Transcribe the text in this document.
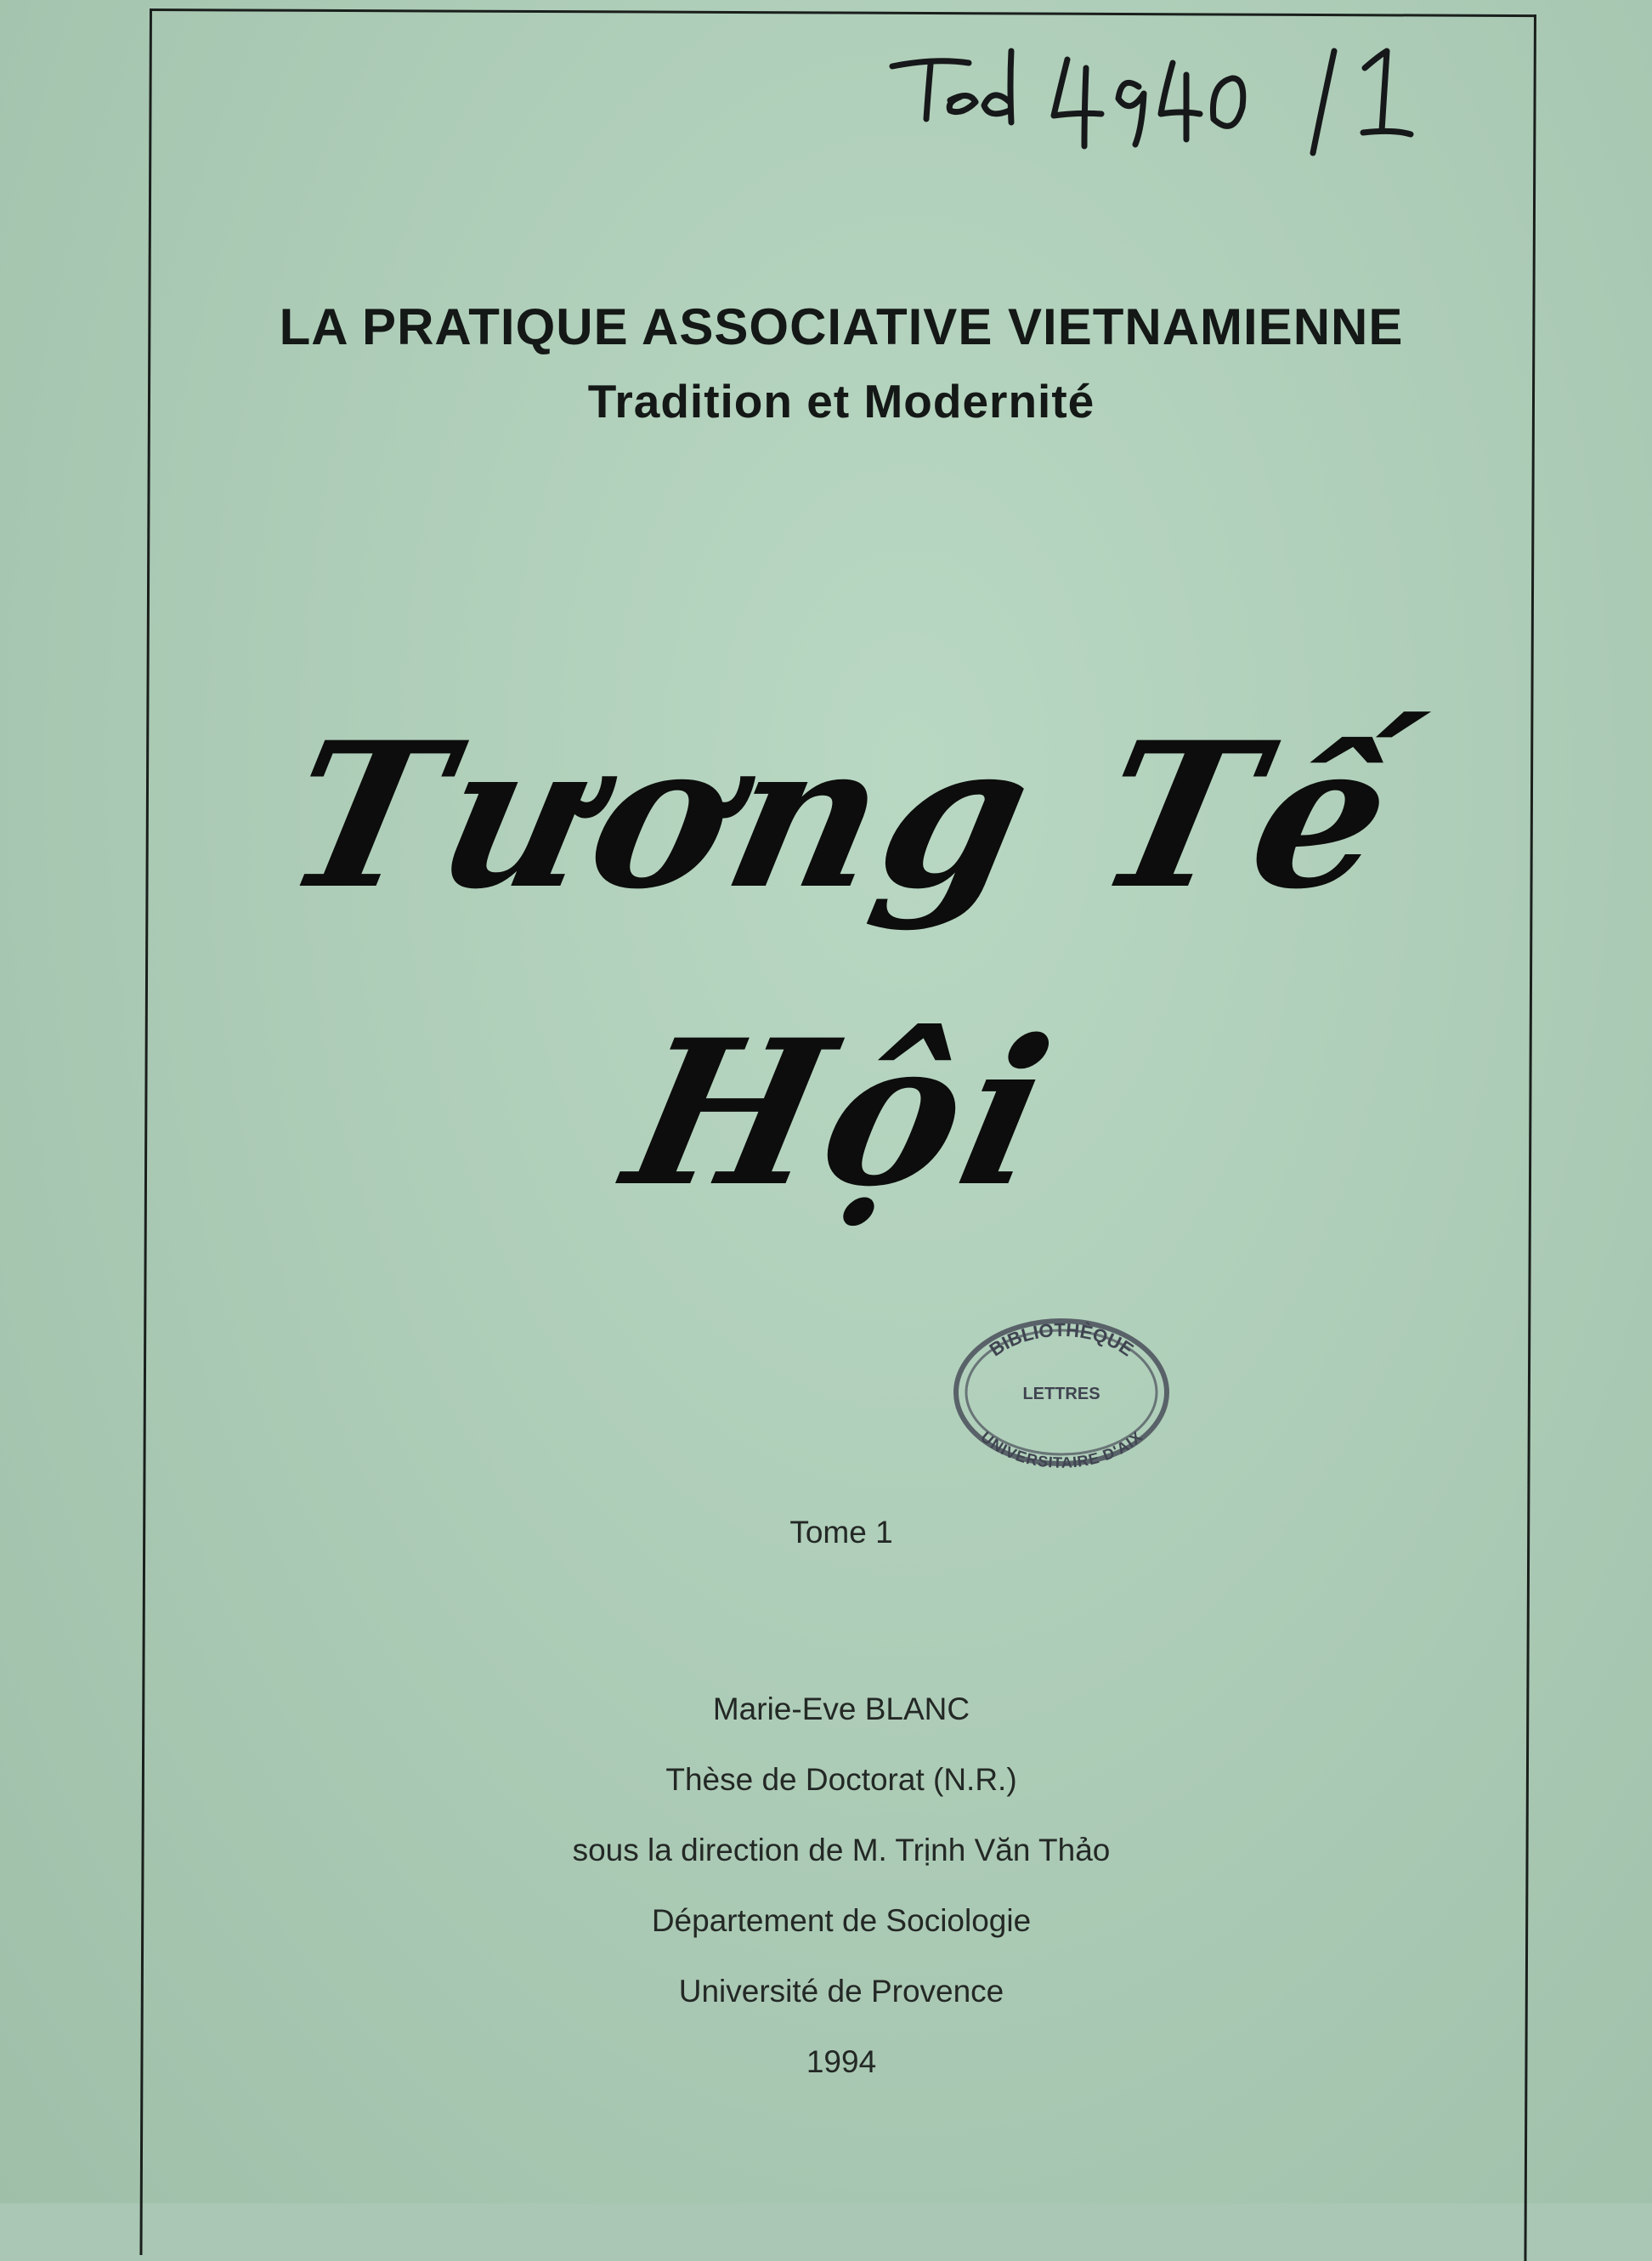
LA PRATIQUE ASSOCIATIVE VIETNAMIENNE
Tradition et Modernité
Tương Tế
Hội
BIBLIOTHÈQUE
LETTRES
UNIVERSITAIRE D'AIX
Tome 1
Marie-Eve BLANC
Thèse de Doctorat (N.R.)
sous la direction de M. Trịnh Văn Thảo
Département de Sociologie
Université de Provence
1994
